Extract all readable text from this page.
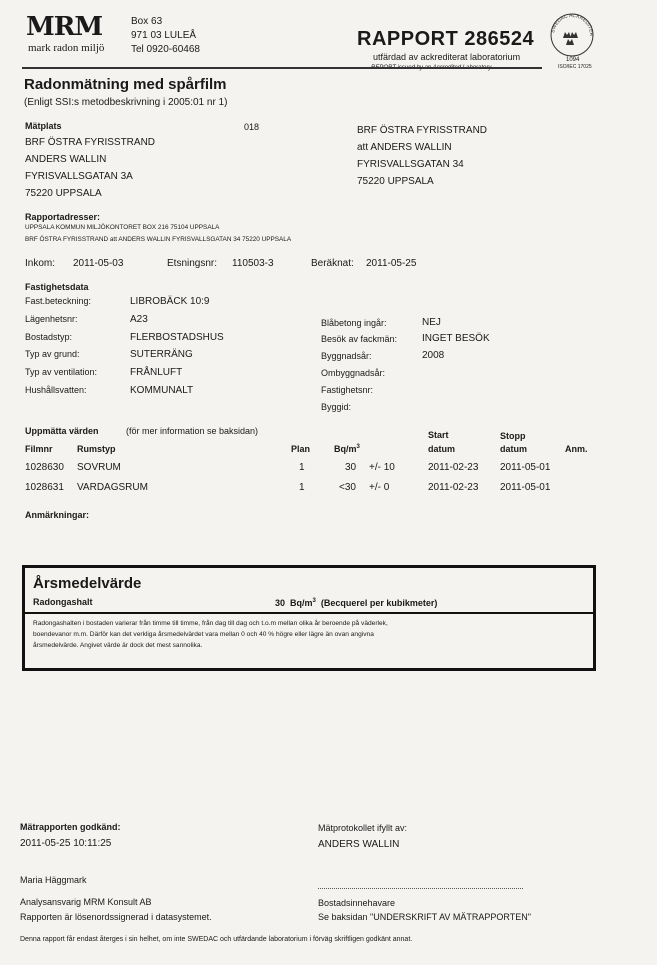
MRM
mark radon miljö
Box 63
971 03 LULEÅ
Tel 0920-60468	RAPPORT 286524
utfärdad av ackrediterat laboratorium
SWEDAC ACKREDITER
1094
ISO/IEC 17025
Radonmätning med spårfilm
(Enligt SSI:s metodbeskrivning i 2005:01 nr 1)
Mätplats	018
BRF ÖSTRA FYRISSTRAND
ANDERS WALLIN
FYRISVALLSGATAN 3A
75220 UPPSALA
BRF ÖSTRA FYRISSTRAND
att ANDERS WALLIN
FYRISVALLSGATAN 34
75220 UPPSALA
Rapportadresser:
UPPSALA KOMMUN MILJÖKONTORET BOX 216 75104 UPPSALA
BRF ÖSTRA FYRISSTRAND att ANDERS WALLIN FYRISVALLSGATAN 34 75220 UPPSALA
Inkom: 2011-05-03	Etsningsnr: 110503-3	Beräknat: 2011-05-25
Fastighetsdata
Fast.beteckning:	LIBROBÄCK 10:9
Lägenhetsnr:	A23
Bostadstyp:	FLERBOSTADSHUS
Typ av grund:	SUTERRÄNG
Typ av ventilation:	FRÅNLUFT
Hushållsvatten:	KOMMUNALT
Blåbetong ingår:	NEJ
Besök av fackmän: INGET BESÖK
Byggnadsår:	2008
Ombyggnadsår:
Fastighetsnr:
Byggid:
Uppmätta värden	(för mer information se baksidan)	Start	Stopp
Filmnr	Rumstyp	Plan	$Bq/m^3$	datum	datum	Anm.
1028630 SOVRUM	1	30 +/- 10	2011-02-23 2011-05-01
1028631 VARDAGSRUM	1	<30 +/- 0	2011-02-23 2011-05-01
Anmärkningar:
Årsmedelvärde
Radongashalt	30 $Bq/m^3$ (Becquerel per kubikmeter)
Radongashalten i bostaden varierar från timme till timme, från dag till dag och t.o.m mellan olika år beroende på väderlek,
boendevanor m.m. Därför kan det verkliga årsmedelvärdet vara mellan 0 och 40 % högre eller lägre än ovan angivna
årsmedelvärde. Angivet värde är dock det mest sannolika.
Mätrapporten godkänd:
2011-05-25 10:11:25
Mätprotokollet ifyllt av:
ANDERS WALLIN
Maria Häggmark
Analysansvarig MRM Konsult AB
Rapporten är lösenordssignerad i datasystemet.
Bostadsinnehavare
Se baksidan "UNDERSKRIFT AV MÄTRAPPORTEN"
Denna rapport får endast återges i sin helhet, om inte SWEDAC och utfärdande laboratorium i förväg skriftligen godkänt annat.
